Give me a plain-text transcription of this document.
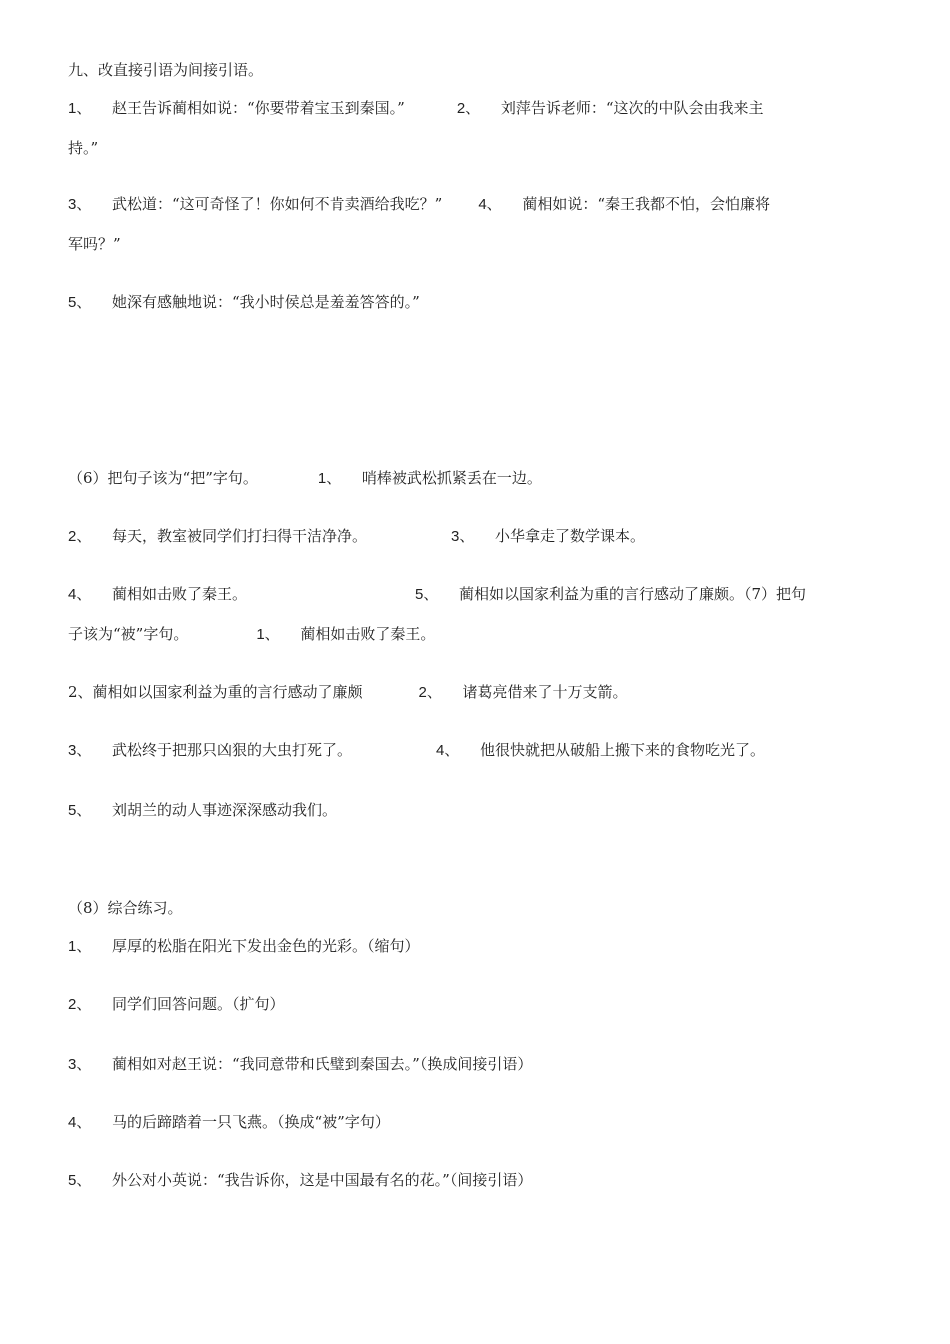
九、改直接引语为间接引语。
1、 赵王告诉蔺相如说：“你要带着宝玉到秦国。”	2、 刘萍告诉老师：“这次的中队会由我来主
持。”
3、 武松道：“这可奇怪了！你如何不肯卖酒给我吃？” 4、 蔺相如说：“秦王我都不怕，会怕廉将
军吗？”
5、 她深有感触地说：“我小时侯总是羞羞答答的。”
（6）把句子该为“把”字句。	1、 哨棒被武松抓紧丢在一边。
2、 每天，教室被同学们打扫得干洁净净。	3、 小华拿走了数学课本。
4、 蔺相如击败了秦王。	5、 蔺相如以国家利益为重的言行感动了廉颇。（7）把句
子该为“被”字句。	1、 蔺相如击败了秦王。
2、蔺相如以国家利益为重的言行感动了廉颇	2、 诸葛亮借来了十万支箭。
3、 武松终于把那只凶狠的大虫打死了。	4、 他很快就把从破船上搬下来的食物吃光了。
5、 刘胡兰的动人事迹深深感动我们。
（8）综合练习。
1、 厚厚的松脂在阳光下发出金色的光彩。（缩句）
2、 同学们回答问题。（扩句）
3、 蔺相如对赵王说：“我同意带和氏璧到秦国去。”（换成间接引语）
4、 马的后蹄踏着一只飞燕。（换成“被”字句）
5、 外公对小英说：“我告诉你，这是中国最有名的花。”（间接引语）
